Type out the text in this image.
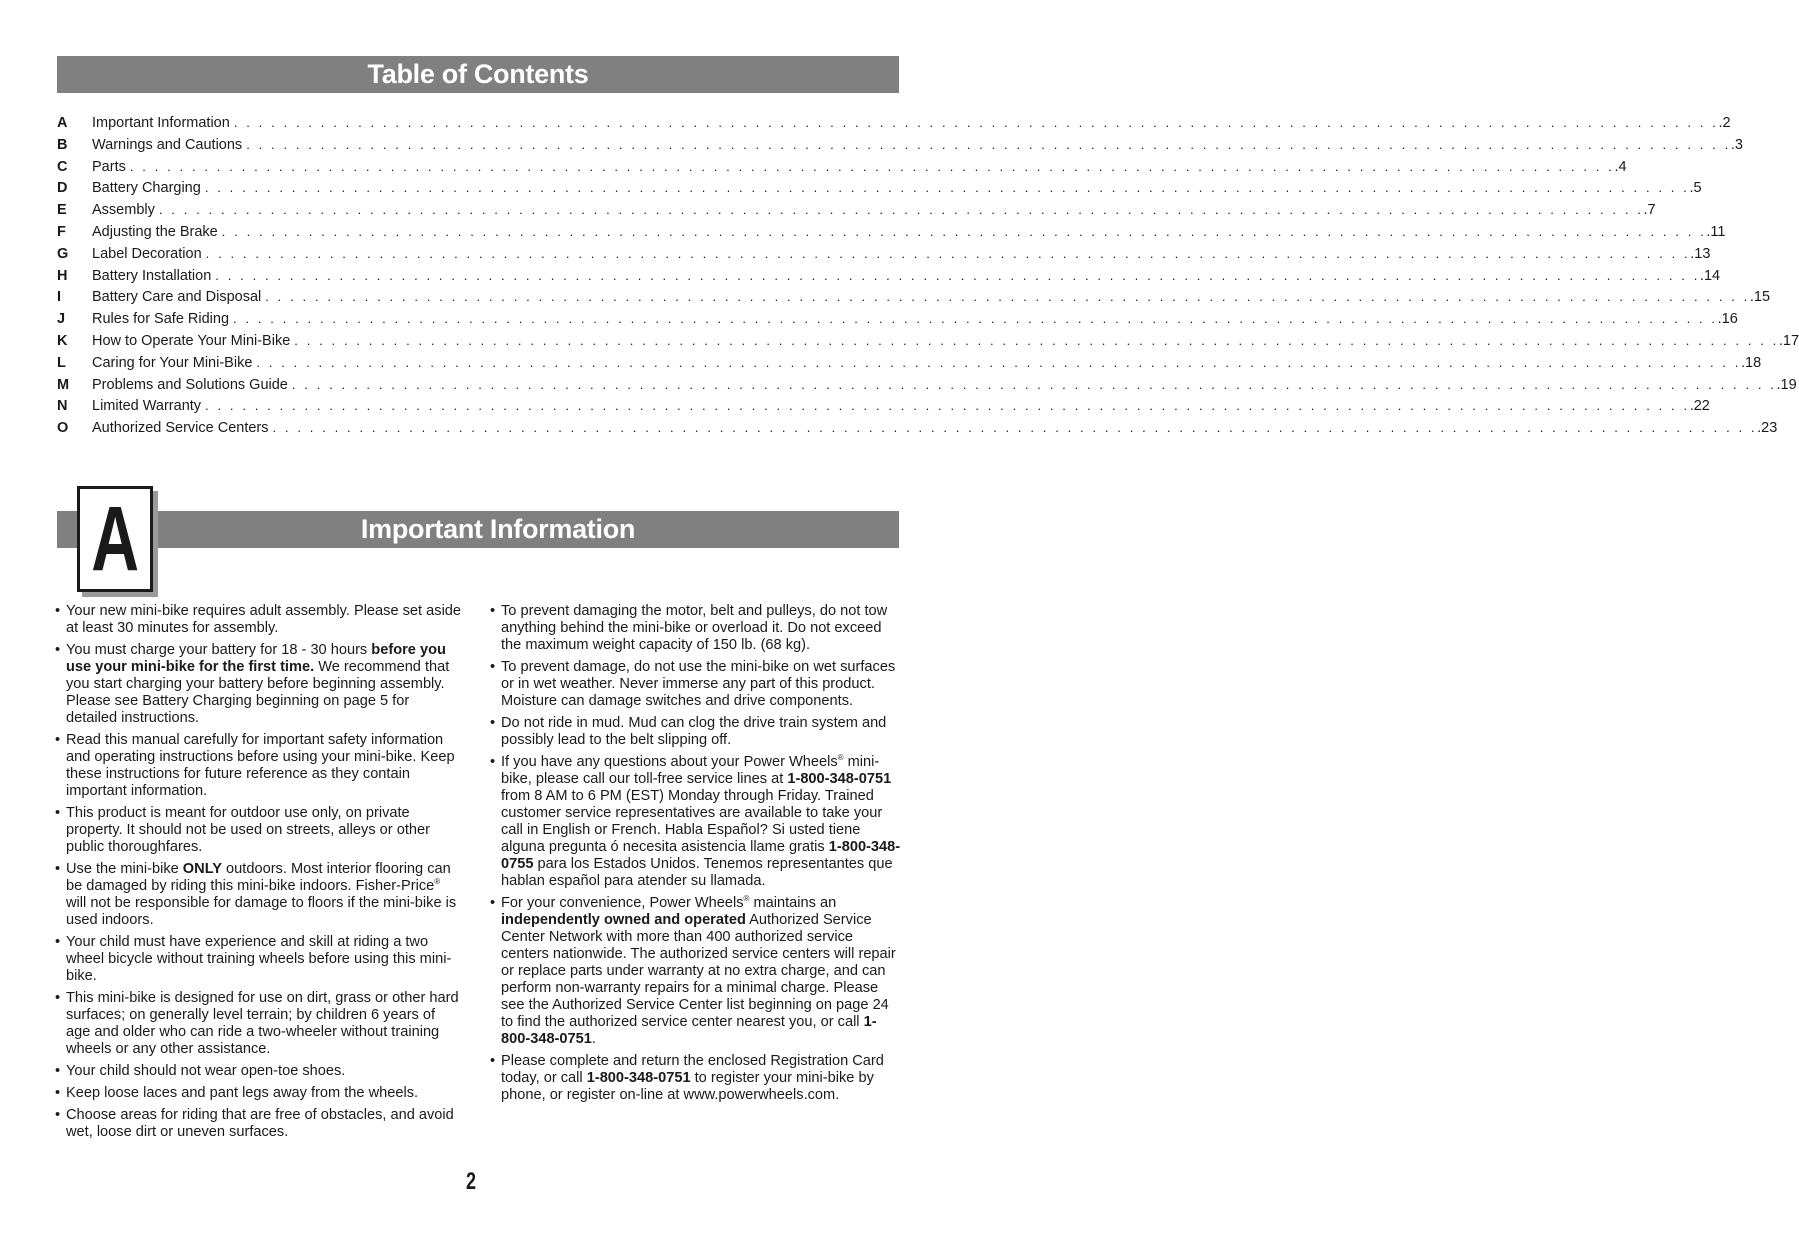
Table of Contents
A	Important Information . . . . . . . . . . . . . . . . . . . . . . . . . . . . . . . . . . . . . . . . . . . . . . . . . . . . . . . . . . . . . . . . . . . . . . . . . . . . . . . . . . . . . . . . . . . . . . . . . . . . . . . . . . . . . . . . . . . . . . . . .2
B	Warnings and Cautions . . . . . . . . . . . . . . . . . . . . . . . . . . . . . . . . . . . . . . . . . . . . . . . . . . . . . . . . . . . . . . . . . . . . . . . . . . . . . . . . . . . . . . . . . . . . . . . . . . . . . . . . . . . . . . . . . . . . . . . . .3
C	Parts . . . . . . . . . . . . . . . . . . . . . . . . . . . . . . . . . . . . . . . . . . . . . . . . . . . . . . . . . . . . . . . . . . . . . . . . . . . . . . . . . . . . . . . . . . . . . . . . . . . . . . . . . . . . . . . . . . . . . . . . .4
D	Battery Charging . . . . . . . . . . . . . . . . . . . . . . . . . . . . . . . . . . . . . . . . . . . . . . . . . . . . . . . . . . . . . . . . . . . . . . . . . . . . . . . . . . . . . . . . . . . . . . . . . . . . . . . . . . . . . . . . . . . . . . . . .5
E	Assembly . . . . . . . . . . . . . . . . . . . . . . . . . . . . . . . . . . . . . . . . . . . . . . . . . . . . . . . . . . . . . . . . . . . . . . . . . . . . . . . . . . . . . . . . . . . . . . . . . . . . . . . . . . . . . . . . . . . . . . . . .7
F	Adjusting the Brake . . . . . . . . . . . . . . . . . . . . . . . . . . . . . . . . . . . . . . . . . . . . . . . . . . . . . . . . . . . . . . . . . . . . . . . . . . . . . . . . . . . . . . . . . . . . . . . . . . . . . . . . . . . . . . . . . . . . . . . . .11
G	Label Decoration . . . . . . . . . . . . . . . . . . . . . . . . . . . . . . . . . . . . . . . . . . . . . . . . . . . . . . . . . . . . . . . . . . . . . . . . . . . . . . . . . . . . . . . . . . . . . . . . . . . . . . . . . . . . . . . . . . . . . . . . .13
H	Battery Installation . . . . . . . . . . . . . . . . . . . . . . . . . . . . . . . . . . . . . . . . . . . . . . . . . . . . . . . . . . . . . . . . . . . . . . . . . . . . . . . . . . . . . . . . . . . . . . . . . . . . . . . . . . . . . . . . . . . . . . . . .14
I	Battery Care and Disposal . . . . . . . . . . . . . . . . . . . . . . . . . . . . . . . . . . . . . . . . . . . . . . . . . . . . . . . . . . . . . . . . . . . . . . . . . . . . . . . . . . . . . . . . . . . . . . . . . . . . . . . . . . . . . . . . . . . . . . . . .15
J	Rules for Safe Riding . . . . . . . . . . . . . . . . . . . . . . . . . . . . . . . . . . . . . . . . . . . . . . . . . . . . . . . . . . . . . . . . . . . . . . . . . . . . . . . . . . . . . . . . . . . . . . . . . . . . . . . . . . . . . . . . . . . . . . . . .16
K	How to Operate Your Mini-Bike . . . . . . . . . . . . . . . . . . . . . . . . . . . . . . . . . . . . . . . . . . . . . . . . . . . . . . . . . . . . . . . . . . . . . . . . . . . . . . . . . . . . . . . . . . . . . . . . . . . . . . . . . . . . . . . . . . . . . . . . .17
L	Caring for Your Mini-Bike . . . . . . . . . . . . . . . . . . . . . . . . . . . . . . . . . . . . . . . . . . . . . . . . . . . . . . . . . . . . . . . . . . . . . . . . . . . . . . . . . . . . . . . . . . . . . . . . . . . . . . . . . . . . . . . . . . . . . . . . .18
M	Problems and Solutions Guide . . . . . . . . . . . . . . . . . . . . . . . . . . . . . . . . . . . . . . . . . . . . . . . . . . . . . . . . . . . . . . . . . . . . . . . . . . . . . . . . . . . . . . . . . . . . . . . . . . . . . . . . . . . . . . . . . . . . . . . . .19
N	Limited Warranty . . . . . . . . . . . . . . . . . . . . . . . . . . . . . . . . . . . . . . . . . . . . . . . . . . . . . . . . . . . . . . . . . . . . . . . . . . . . . . . . . . . . . . . . . . . . . . . . . . . . . . . . . . . . . . . . . . . . . . . . .22
O	Authorized Service Centers . . . . . . . . . . . . . . . . . . . . . . . . . . . . . . . . . . . . . . . . . . . . . . . . . . . . . . . . . . . . . . . . . . . . . . . . . . . . . . . . . . . . . . . . . . . . . . . . . . . . . . . . . . . . . . . . . . . . . . . . .23
Important Information
A
• Your new mini-bike requires adult assembly. Please set aside at least 30 minutes for assembly.
• You must charge your battery for 18 - 30 hours before you use your mini-bike for the first time. We recommend that you start charging your battery before beginning assembly. Please see Battery Charging beginning on page 5 for detailed instructions.
• Read this manual carefully for important safety information and operating instructions before using your mini-bike. Keep these instructions for future reference as they contain important information.
• This product is meant for outdoor use only, on private property. It should not be used on streets, alleys or other public thoroughfares.
• Use the mini-bike ONLY outdoors. Most interior flooring can be damaged by riding this mini-bike indoors. Fisher-Price® will not be responsible for damage to floors if the mini-bike is used indoors.
• Your child must have experience and skill at riding a two wheel bicycle without training wheels before using this mini-bike.
• This mini-bike is designed for use on dirt, grass or other hard surfaces; on generally level terrain; by children 6 years of age and older who can ride a two-wheeler without training wheels or any other assistance.
• Your child should not wear open-toe shoes.
• Keep loose laces and pant legs away from the wheels.
• Choose areas for riding that are free of obstacles, and avoid wet, loose dirt or uneven surfaces.
• To prevent damaging the motor, belt and pulleys, do not tow anything behind the mini-bike or overload it. Do not exceed the maximum weight capacity of 150 lb. (68 kg).
• To prevent damage, do not use the mini-bike on wet surfaces or in wet weather. Never immerse any part of this product. Moisture can damage switches and drive components.
• Do not ride in mud. Mud can clog the drive train system and possibly lead to the belt slipping off.
• If you have any questions about your Power Wheels® mini-bike, please call our toll-free service lines at 1-800-348-0751 from 8 AM to 6 PM (EST) Monday through Friday. Trained customer service representatives are available to take your call in English or French. Habla Español? Si usted tiene alguna pregunta ó necesita asistencia llame gratis 1-800-348-0755 para los Estados Unidos. Tenemos representantes que hablan español para atender su llamada.
• For your convenience, Power Wheels® maintains an independently owned and operated Authorized Service Center Network with more than 400 authorized service centers nationwide. The authorized service centers will repair or replace parts under warranty at no extra charge, and can perform non-warranty repairs for a minimal charge. Please see the Authorized Service Center list beginning on page 24 to find the authorized service center nearest you, or call 1-800-348-0751.
• Please complete and return the enclosed Registration Card today, or call 1-800-348-0751 to register your mini-bike by phone, or register on-line at www.powerwheels.com.
2
